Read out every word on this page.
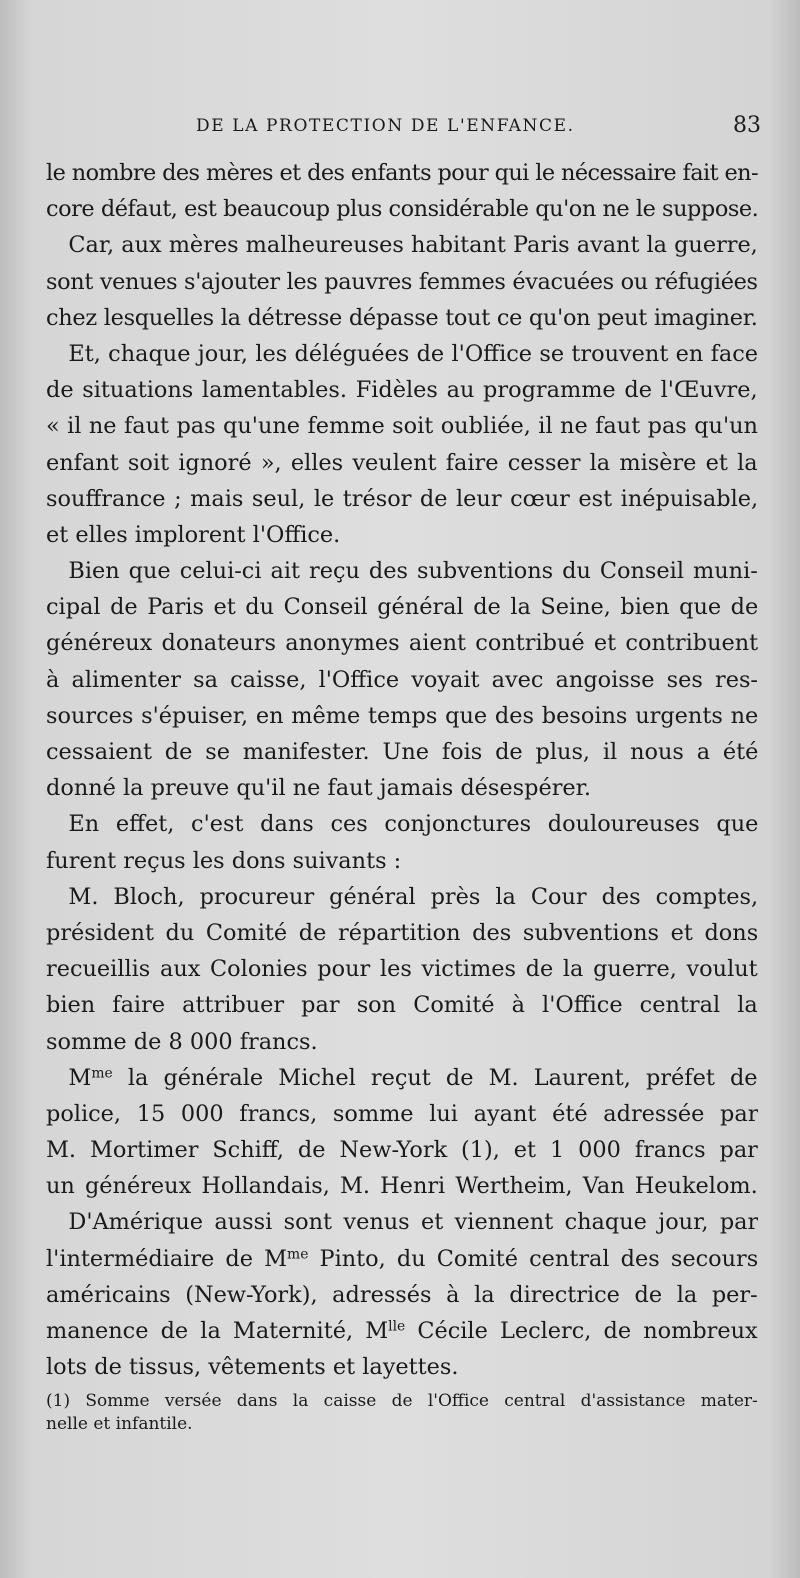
DE LA PROTECTION DE L'ENFANCE.	83
le nombre des mères et des enfants pour qui le nécessaire fait en-
core défaut, est beaucoup plus considérable qu'on ne le suppose.
 Car, aux mères malheureuses habitant Paris avant la guerre,
sont venues s'ajouter les pauvres femmes évacuées ou réfugiées
chez lesquelles la détresse dépasse tout ce qu'on peut imaginer.
 Et, chaque jour, les déléguées de l'Office se trouvent en face
de situations lamentables. Fidèles au programme de l'Œuvre,
« il ne faut pas qu'une femme soit oubliée, il ne faut pas qu'un
enfant soit ignoré », elles veulent faire cesser la misère et la
souffrance ; mais seul, le trésor de leur cœur est inépuisable,
et elles implorent l'Office.
 Bien que celui-ci ait reçu des subventions du Conseil muni-
cipal de Paris et du Conseil général de la Seine, bien que de
généreux donateurs anonymes aient contribué et contribuent
à alimenter sa caisse, l'Office voyait avec angoisse ses res-
sources s'épuiser, en même temps que des besoins urgents ne
cessaient de se manifester. Une fois de plus, il nous a été
donné la preuve qu'il ne faut jamais désespérer.
 En effet, c'est dans ces conjonctures douloureuses que
furent reçus les dons suivants :
 M. Bloch, procureur général près la Cour des comptes,
président du Comité de répartition des subventions et dons
recueillis aux Colonies pour les victimes de la guerre, voulut
bien faire attribuer par son Comité à l'Office central la
somme de 8 000 francs.
 $M^{me}$ la générale Michel reçut de M. Laurent, préfet de
police, 15 000 francs, somme lui ayant été adressée par
M. Mortimer Schiff, de New-York (1), et 1 000 francs par
un généreux Hollandais, M. Henri Wertheim, Van Heukelom.
 D'Amérique aussi sont venus et viennent chaque jour, par
l'intermédiaire de $M^{me}$ Pinto, du Comité central des secours
américains (New-York), adressés à la directrice de la per-
manence de la Maternité, $M^{lle}$ Cécile Leclerc, de nombreux
lots de tissus, vêtements et layettes.
(1) Somme versée dans la caisse de l'Office central d'assistance mater-
nelle et infantile.
